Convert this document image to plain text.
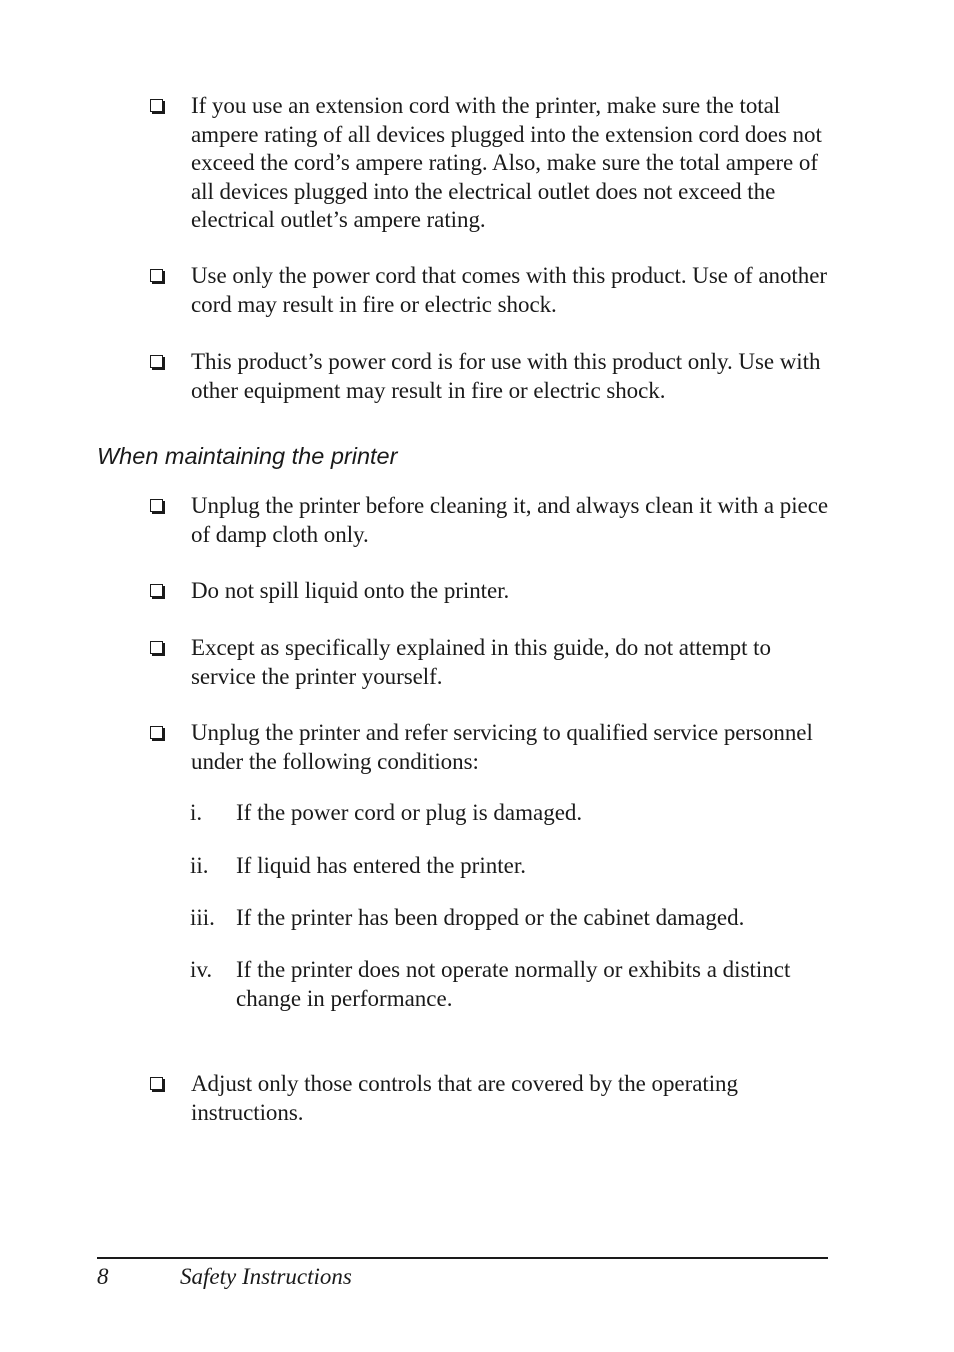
If you use an extension cord with the printer, make sure the total ampere rating of all devices plugged into the extension cord does not exceed the cord’s ampere rating. Also, make sure the total ampere of all devices plugged into the electrical outlet does not exceed the electrical outlet’s ampere rating.
Use only the power cord that comes with this product. Use of another cord may result in fire or electric shock.
This product’s power cord is for use with this product only. Use with other equipment may result in fire or electric shock.
When maintaining the printer
Unplug the printer before cleaning it, and always clean it with a piece of damp cloth only.
Do not spill liquid onto the printer.
Except as specifically explained in this guide, do not attempt to service the printer yourself.
Unplug the printer and refer servicing to qualified service personnel under the following conditions:
i.	If the power cord or plug is damaged.
ii.	If liquid has entered the printer.
iii. If the printer has been dropped or the cabinet damaged.
iv.	If the printer does not operate normally or exhibits a distinct change in performance.
Adjust only those controls that are covered by the operating instructions.
8	Safety Instructions
